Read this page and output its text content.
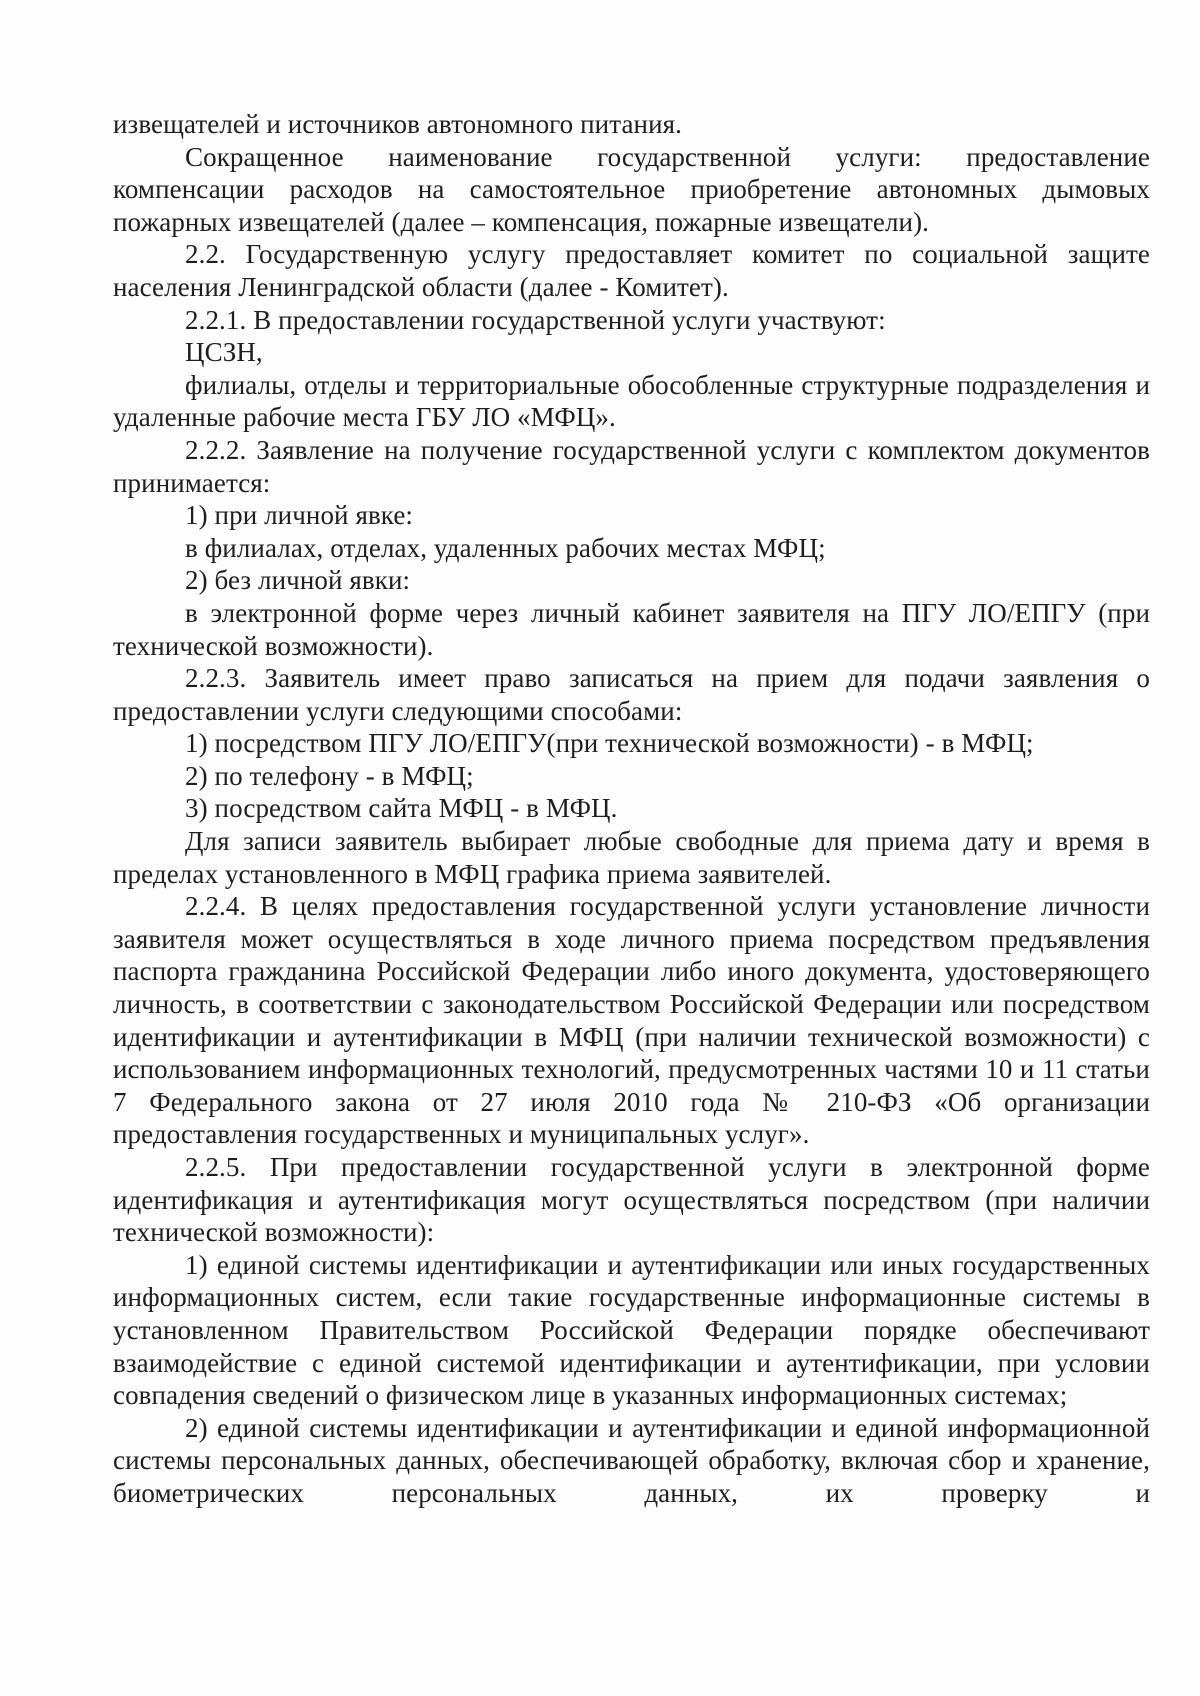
извещателей и источников автономного питания.

Сокращенное наименование государственной услуги: предоставление компенсации расходов на самостоятельное приобретение автономных дымовых пожарных извещателей (далее – компенсация, пожарные извещатели).

2.2. Государственную услугу предоставляет комитет по социальной защите населения Ленинградской области (далее - Комитет).

2.2.1. В предоставлении государственной услуги участвуют:

ЦСЗН,

филиалы, отделы и территориальные обособленные структурные подразделения и удаленные рабочие места ГБУ ЛО «МФЦ».

2.2.2. Заявление на получение государственной услуги с комплектом документов принимается:

1) при личной явке:

в филиалах, отделах, удаленных рабочих местах МФЦ;

2) без личной явки:

в электронной форме через личный кабинет заявителя на ПГУ ЛО/ЕПГУ (при технической возможности).

2.2.3. Заявитель имеет право записаться на прием для подачи заявления о предоставлении услуги следующими способами:

1) посредством ПГУ ЛО/ЕПГУ(при технической возможности) - в МФЦ;

2) по телефону - в МФЦ;

3) посредством сайта МФЦ - в МФЦ.

Для записи заявитель выбирает любые свободные для приема дату и время в пределах установленного в МФЦ графика приема заявителей.

2.2.4. В целях предоставления государственной услуги установление личности заявителя может осуществляться в ходе личного приема посредством предъявления паспорта гражданина Российской Федерации либо иного документа, удостоверяющего личность, в соответствии с законодательством Российской Федерации или посредством идентификации и аутентификации в МФЦ (при наличии технической возможности) с использованием информационных технологий, предусмотренных частями 10 и 11 статьи 7 Федерального закона от 27 июля 2010 года № 210-ФЗ «Об организации предоставления государственных и муниципальных услуг».

2.2.5. При предоставлении государственной услуги в электронной форме идентификация и аутентификация могут осуществляться посредством (при наличии технической возможности):

1) единой системы идентификации и аутентификации или иных государственных информационных систем, если такие государственные информационные системы в установленном Правительством Российской Федерации порядке обеспечивают взаимодействие с единой системой идентификации и аутентификации, при условии совпадения сведений о физическом лице в указанных информационных системах;

2) единой системы идентификации и аутентификации и единой информационной системы персональных данных, обеспечивающей обработку, включая сбор и хранение, биометрических персональных данных, их проверку и
